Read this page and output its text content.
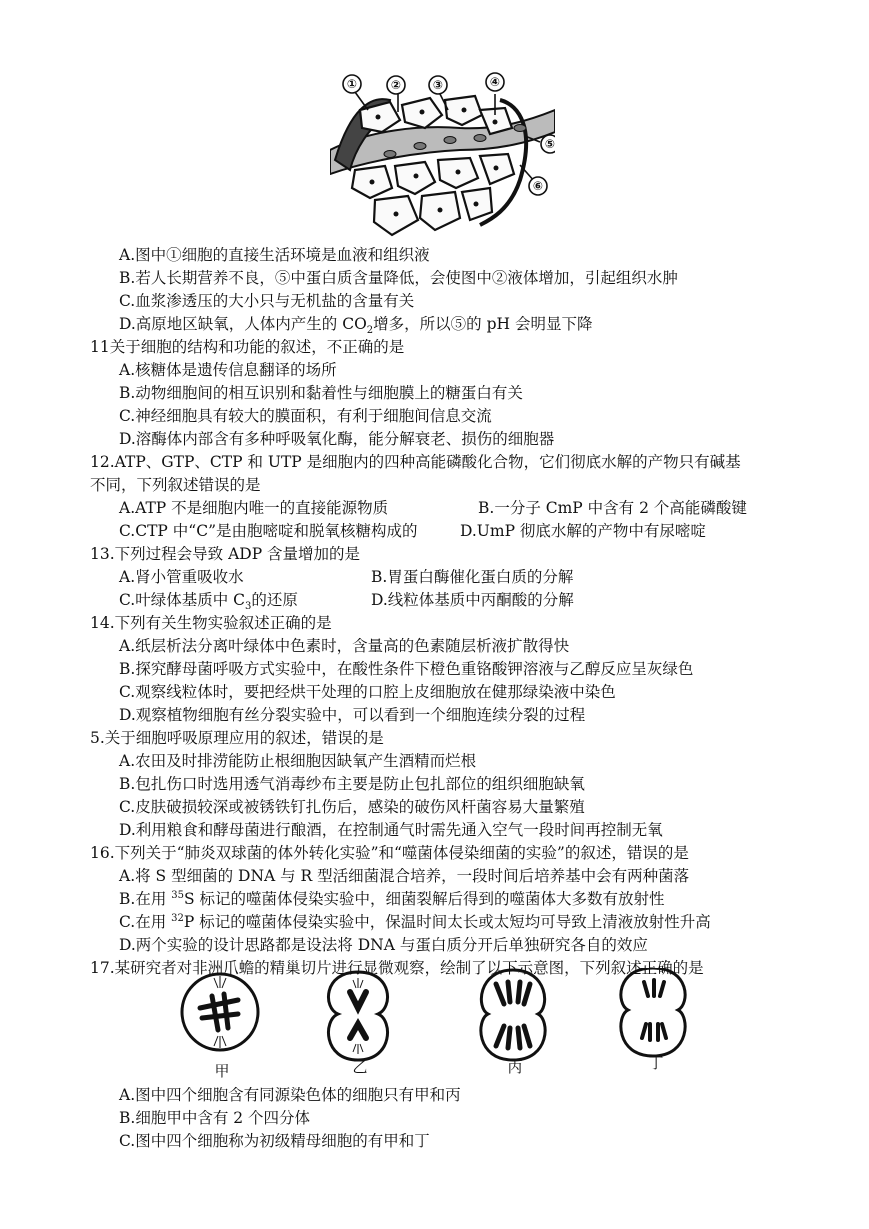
①	②	③	④
⑤
⑥
A.图中①细胞的直接生活环境是血液和组织液
B.若人长期营养不良，⑤中蛋白质含量降低，会使图中②液体增加，引起组织水肿
C.血浆渗透压的大小只与无机盐的含量有关
D.高原地区缺氧，人体内产生的 $CO_2$增多，所以⑤的 pH 会明显下降
11关于细胞的结构和功能的叙述，不正确的是
A.核糖体是遗传信息翻译的场所
B.动物细胞间的相互识别和黏着性与细胞膜上的糖蛋白有关
C.神经细胞具有较大的膜面积，有利于细胞间信息交流
D.溶酶体内部含有多种呼吸氧化酶，能分解衰老、损伤的细胞器
12.ATP、GTP、CTP 和 UTP 是细胞内的四种高能磷酸化合物，它们彻底水解的产物只有碱基
不同，下列叙述错误的是
A.ATP 不是细胞内唯一的直接能源物质	B.一分子 CmP 中含有 2 个高能磷酸键
C.CTP 中“C”是由胞嘧啶和脱氧核糖构成的	D.UmP 彻底水解的产物中有尿嘧啶
13.下列过程会导致 ADP 含量增加的是
A.肾小管重吸收水	B.胃蛋白酶催化蛋白质的分解
C.叶绿体基质中 $C_3$的还原	D.线粒体基质中丙酮酸的分解
14.下列有关生物实验叙述正确的是
A.纸层析法分离叶绿体中色素时，含量高的色素随层析液扩散得快
B.探究酵母菌呼吸方式实验中，在酸性条件下橙色重铬酸钾溶液与乙醇反应呈灰绿色
C.观察线粒体时，要把经烘干处理的口腔上皮细胞放在健那绿染液中染色
D.观察植物细胞有丝分裂实验中，可以看到一个细胞连续分裂的过程
5.关于细胞呼吸原理应用的叙述，错误的是
A.农田及时排涝能防止根细胞因缺氧产生酒精而烂根
B.包扎伤口时选用透气消毒纱布主要是防止包扎部位的组织细胞缺氧
C.皮肤破损较深或被锈铁钉扎伤后，感染的破伤风杆菌容易大量繁殖
D.利用粮食和酵母菌进行酿酒，在控制通气时需先通入空气一段时间再控制无氧
16.下列关于“肺炎双球菌的体外转化实验”和“噬菌体侵染细菌的实验”的叙述，错误的是
A.将 S 型细菌的 DNA 与 R 型活细菌混合培养，一段时间后培养基中会有两种菌落
B.在用 $^{35}$S 标记的噬菌体侵染实验中，细菌裂解后得到的噬菌体大多数有放射性
C.在用 $^{32}$P 标记的噬菌体侵染实验中，保温时间太长或太短均可导致上清液放射性升高
D.两个实验的设计思路都是设法将 DNA 与蛋白质分开后单独研究各自的效应
17.某研究者对非洲爪蟾的精巢切片进行显微观察，绘制了以下示意图，下列叙述正确的是
甲	乙	丙	丁
A.图中四个细胞含有同源染色体的细胞只有甲和丙
B.细胞甲中含有 2 个四分体
C.图中四个细胞称为初级精母细胞的有甲和丁
